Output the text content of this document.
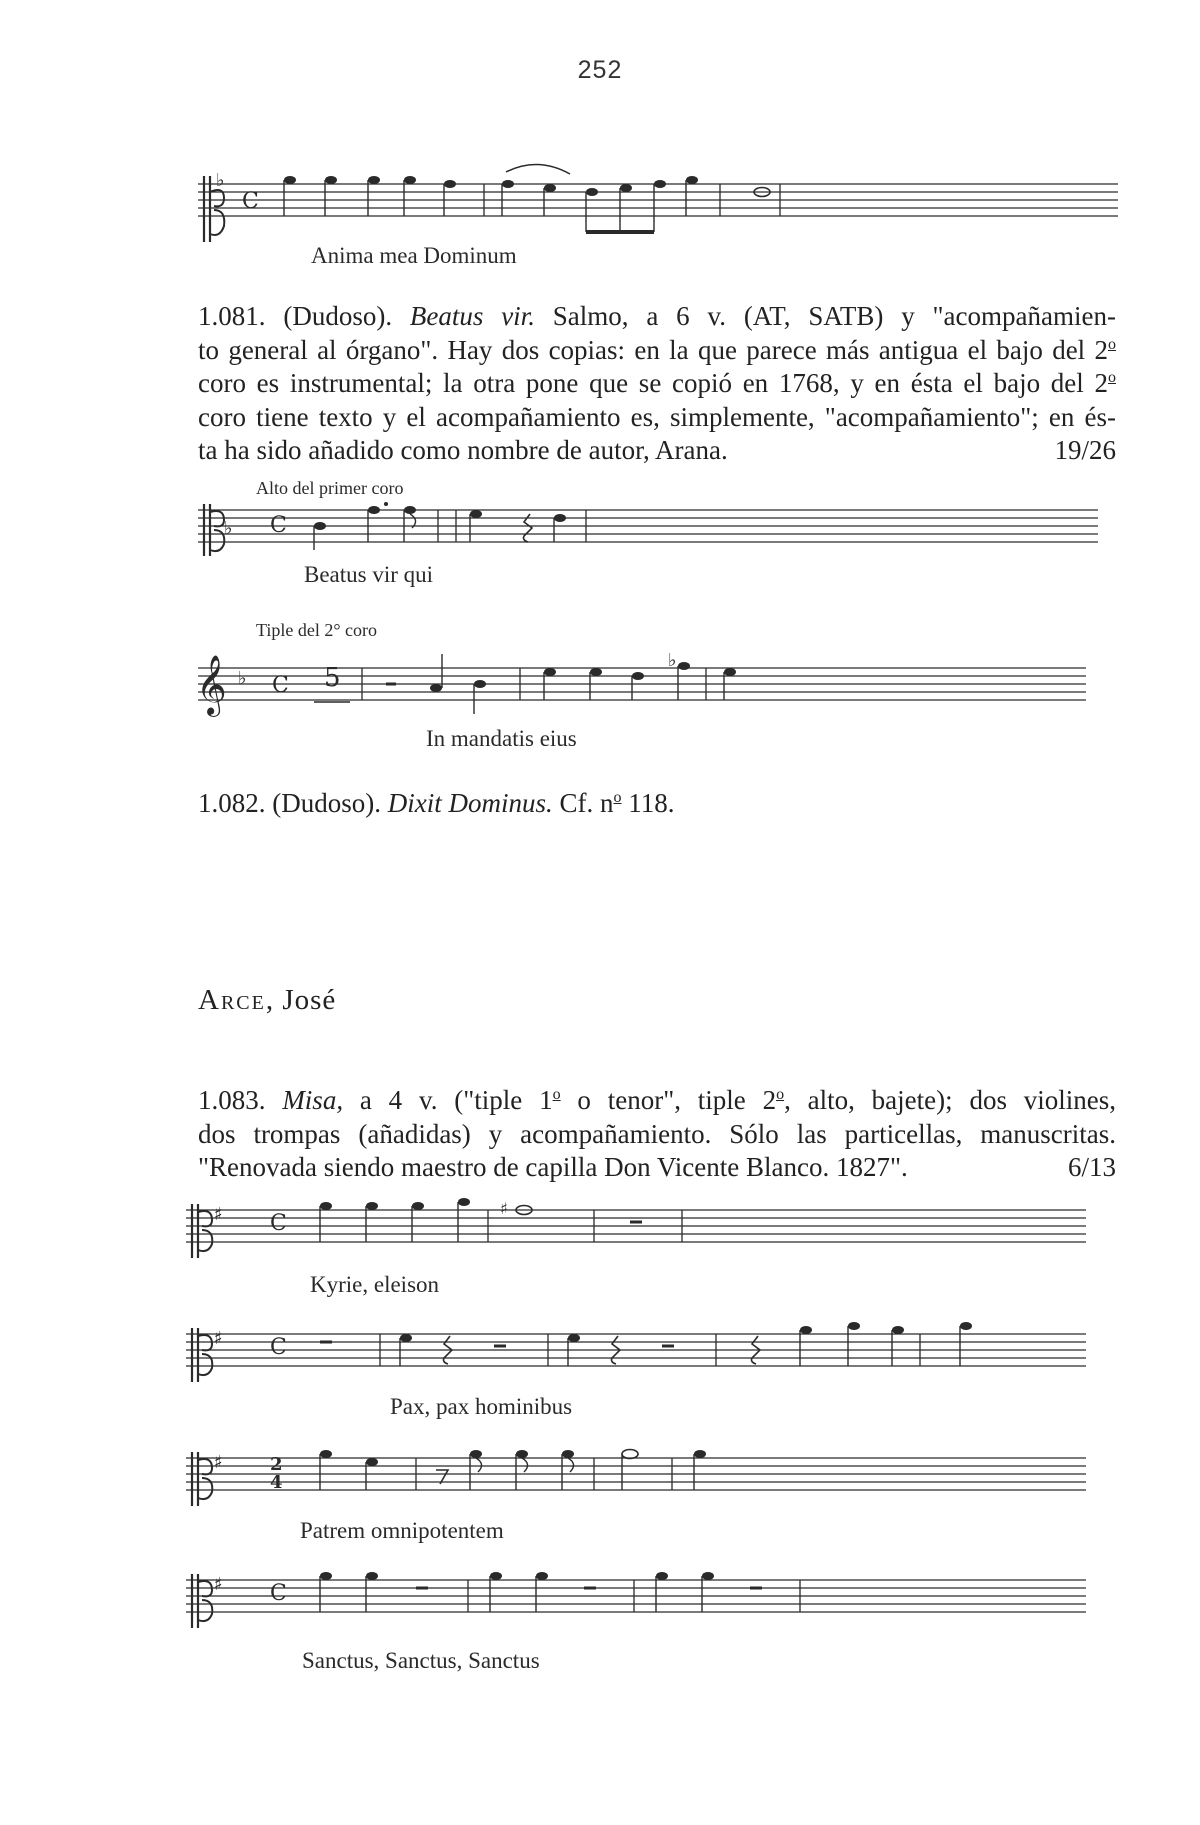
252
♭
C
Anima mea Dominum
1.081. (Dudoso). Beatus vir. Salmo, a 6 v. (AT, SATB) y "acompañamien-
to general al órgano". Hay dos copias: en la que parece más antigua el bajo del 2$^o$
coro es instrumental; la otra pone que se copió en 1768, y en ésta el bajo del 2$^o$
coro tiene texto y el acompañamiento es, simplemente, "acompañamiento"; en és-
ta ha sido añadido como nombre de autor, Arana.	19/26
Alto del primer coro
♭ C
Beatus vir qui
Tiple del 2° coro
𝄞 ♭ C 5
♭
In mandatis eius
1.082. (Dudoso). Dixit Dominus. Cf. $n^o$ 118.
Arce, José
1.083. Misa, a 4 v. ("tiple 1$^o$ o tenor", tiple 2$^o$, alto, bajete); dos violines,
dos trompas (añadidas) y acompañamiento. Sólo las particellas, manuscritas.
"Renovada siendo maestro de capilla Don Vicente Blanco. 1827".	6/13
♯ C
♯
Kyrie, eleison
♯ C
Pax, pax hominibus
♯	2
4
Patrem omnipotentem
♯ C
Sanctus, Sanctus, Sanctus
